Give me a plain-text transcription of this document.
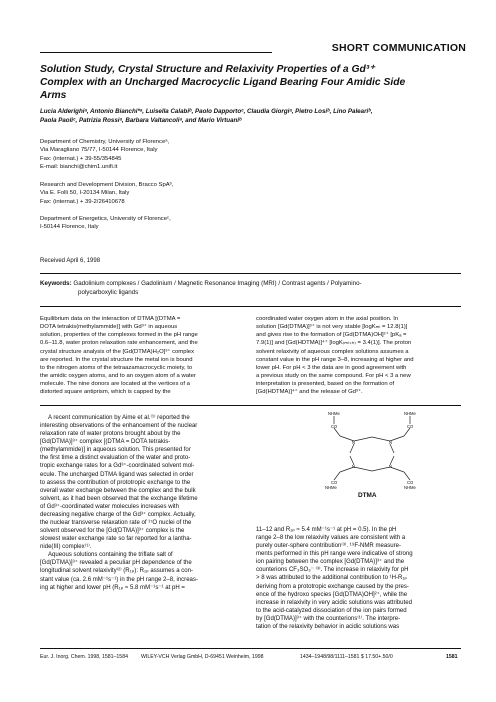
SHORT COMMUNICATION
Solution Study, Crystal Structure and Relaxivity Properties of a Gd³⁺
Complex with an Uncharged Macrocyclic Ligand Bearing Four Amidic Side
Arms
Lucia Alderighiᵃ, Antonio Bianchi*ᵃ, Luisella Calabiᵇ, Paolo Dapportoᶜ, Claudia Giorgiᵃ, Pietro Losiᵇ, Lino Paleariᵇ,
Paola Paoliᶜ, Patrizia Rossiᵃ, Barbara Valtancoliᵃ, and Mario Virtuaniᵇ
Department of Chemistry, University of Florenceᵃ,
Via Maragliano 75/77, I-50144 Florence, Italy
Fax: (internat.) + 39-55/354845
E-mail: bianchi@chim1.unifi.it
Research and Development Division, Bracco SpAᵇ,
Via E. Folli 50, I-20134 Milan, Italy
Fax: (internat.) + 39-2/26410678
Department of Energetics, University of Florenceᶜ,
I-50144 Florence, Italy
Received April 6, 1998
Keywords: Gadolinium complexes / Gadolinium / Magnetic Resonance Imaging (MRI) / Contrast agents / Polyamino-
polycarboxylic ligands
Equilibrium data on the interaction of DTMA [(DTMA =
DOTA tetrakis(methylammide)] with Gd³⁺ in aqueous
solution, properties of the complexes formed in the pH range
0.6–11.8, water proton relaxation rate enhancement, and the
crystal structure analysis of the [Gd(DTMA)H₂O]³⁺ complex
are reported. In the crystal structure the metal ion is bound
to the nitrogen atoms of the tetraazamacrocyclic moiety, to
the amidic oxygen atoms, and to an oxygen atom of a water
molecule. The nine donors are located at the vertices of a
distorted square antiprism, which is capped by the
coordinated water oxygen atom in the axial position. In
solution [Gd(DTMA)]³⁺ is not very stable [logKₘₗ = 12.8(1)]
and gives rise to the formation of [Gd(DTMA)OH]²⁺ [pKₐ =
7.9(1)] and [Gd(HDTMA)]⁴⁺ [logK₍ₘₗ₊ₕ₎ = 3.4(1)]. The proton
solvent relaxivity of aqueous complex solutions assumes a
constant value in the pH range 3–8, increasing at higher and
lower pH. For pH < 3 the data are in good agreement with
a previous study on the same compound. For pH < 3 a new
interpretation is presented, based on the formation of
[Gd(HDTMA)]⁴⁺ and the release of Gd³⁺.
A recent communication by Aime et al.⁽¹⁾ reported the
interesting observations of the enhancement of the nuclear
relaxation rate of water protons brought about by the
[Gd(DTMA)]³⁺ complex [(DTMA = DOTA tetrakis-
(methylammide)] in aqueous solution. This presented for
the first time a distinct evaluation of the water and proto-
tropic exchange rates for a Gd³⁺-coordinated solvent mol-
ecule. The uncharged DTMA ligand was selected in order
to assess the contribution of prototropic exchange to the
overall water exchange between the complex and the bulk
solvent, as it had been observed that the exchange lifetime
of Gd³⁺-coordinated water molecules increases with
decreasing negative charge of the Gd³⁺ complex. Actually,
the nuclear transverse relaxation rate of ¹⁷O nuclei of the
solvent observed for the [Gd(DTMA)]³⁺ complex is the
slowest water exchange rate so far reported for a lantha-
nide(III) complex⁽¹⁾.
Aqueous solutions containing the triflate salt of
[Gd(DTMA)]³⁺ revealed a peculiar pH dependence of the
longitudinal solvent relaxivity⁽²⁾ (R₁ₚ): R₁ₚ assumes a con-
stant value (ca. 2.6 mM⁻¹s⁻¹) in the pH range 2–8, increas-
ing at higher and lower pH (R₁ₚ ≈ 5.8 mM⁻¹s⁻¹ at pH =
NHMe	NHMe
CO	CO
N	N
N	N
CO	CO
NHMe	NHMe
DTMA
11–12 and R₁ₚ ≈ 5.4 mM⁻¹s⁻¹ at pH = 0.5). In the pH
range 2–8 the low relaxivity values are consistent with a
purely outer-sphere contribution⁽³⁾. ¹⁹F-NMR measure-
ments performed in this pH range were indicative of strong
ion pairing between the complex [Gd(DTMA)]³⁺ and the
counterions CF₃SO₃⁻ ⁽³⁾. The increase in relaxivity for pH
> 8 was attributed to the additional contribution to ¹H-R₁ₚ
deriving from a prototropic exchange caused by the pres-
ence of the hydroxo species [Gd(DTMA)OH]²⁺, while the
increase in relaxivity in very acidic solutions was attributed
to the acid-catalyzed dissociation of the ion pairs formed
by [Gd(DTMA)]³⁺ with the counterions⁽¹⁾. The interpre-
tation of the relaxivity behavior in acidic solutions was
Eur. J. Inorg. Chem. 1998, 1581–1584	WILEY-VCH Verlag GmbH, D-69451 Weinheim, 1998	1434–1948/98/1111–1581 $ 17.50+.50/0	1581
